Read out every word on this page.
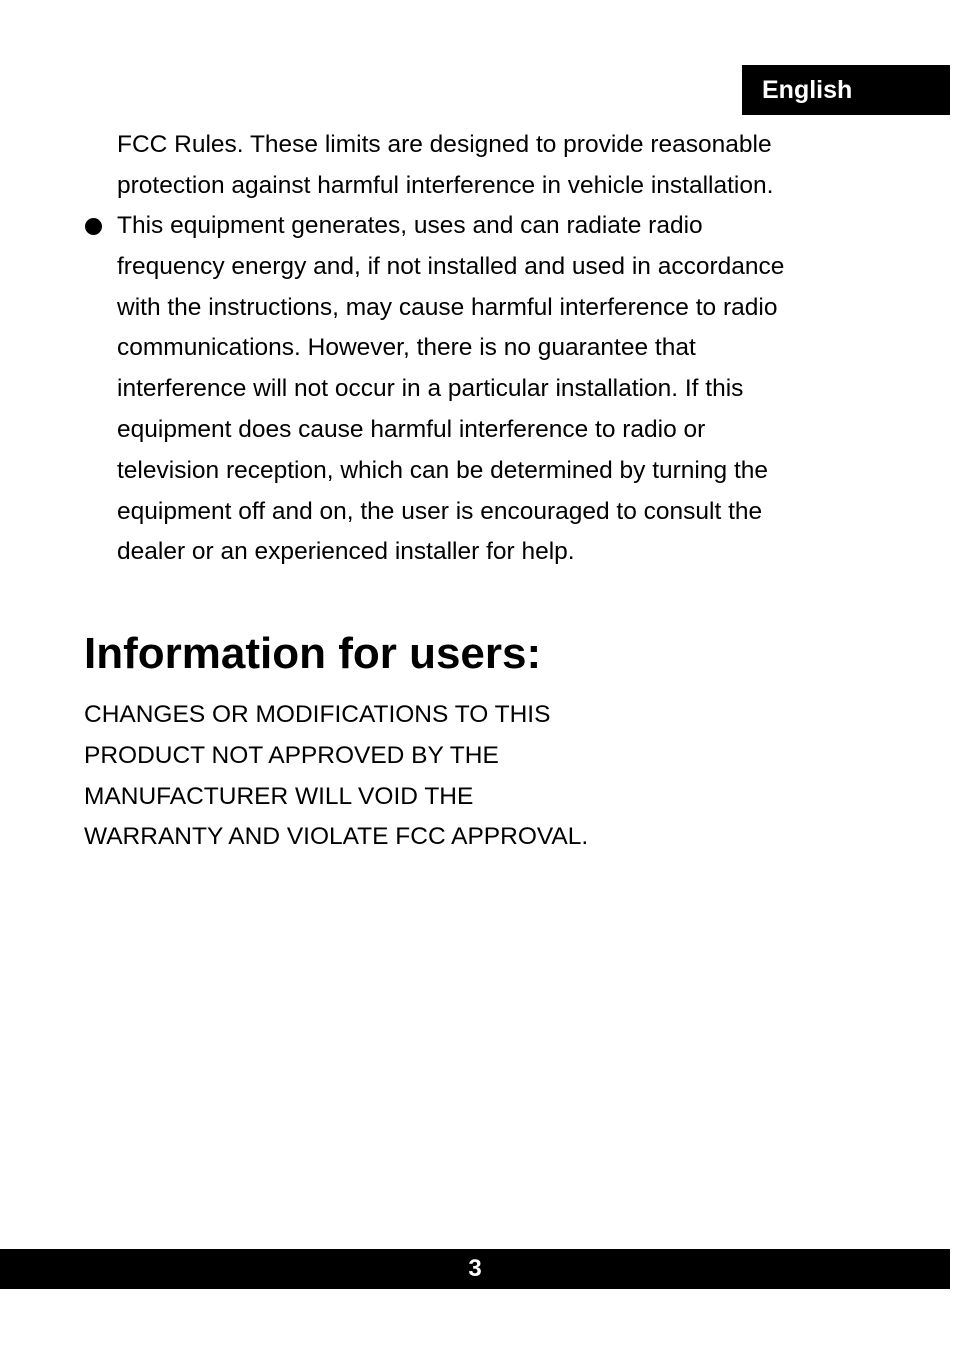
English

FCC Rules. These limits are designed to provide reasonable

protection against harmful interference in vehicle installation.

This equipment generates, uses and can radiate radio
frequency energy and, if not installed and used in accordance
with the instructions, may cause harmful interference to radio
communications. However, there is no guarantee that
interference will not occur in a particular installation. If this
equipment does cause harmful interference to radio or
television reception, which can be determined by turning the
equipment off and on, the user is encouraged to consult the
dealer or an experienced installer for help.
Information for users:
CHANGES OR MODIFICATIONS TO THIS
PRODUCT NOT APPROVED BY THE
MANUFACTURER WILL VOID THE
WARRANTY AND VIOLATE FCC APPROVAL.
3
